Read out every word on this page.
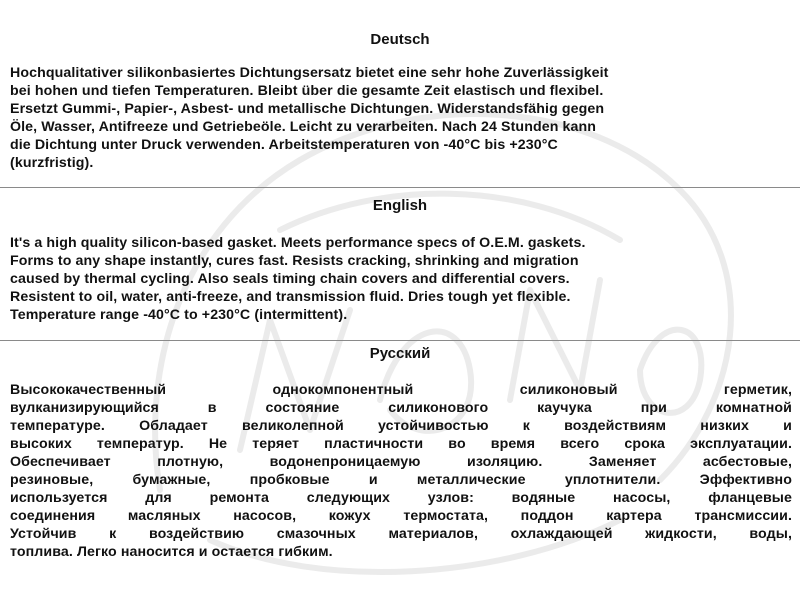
Deutsch
Hochqualitativer silikonbasiertes Dichtungsersatz bietet eine sehr hohe Zuverlässigkeit
bei hohen und tiefen Temperaturen. Bleibt über die gesamte Zeit elastisch und flexibel.
Ersetzt Gummi-, Papier-, Asbest- und metallische Dichtungen. Widerstandsfähig gegen
Öle, Wasser, Antifreeze und Getriebeöle. Leicht zu verarbeiten. Nach 24 Stunden kann
die Dichtung unter Druck verwenden. Arbeitstemperaturen von -40°C bis +230°C
(kurzfristig).
English
It's a high quality silicon-based gasket. Meets performance specs of O.E.M. gaskets.
Forms to any shape instantly, cures fast. Resists cracking, shrinking and migration
caused by thermal cycling. Also seals timing chain covers and differential covers.
Resistent to oil, water, anti-freeze, and transmission fluid. Dries tough yet flexible.
Temperature range -40°C to +230°C (intermittent).
Русский
Высококачественный однокомпонентный силиконовый герметик,
вулканизирующийся в состояние силиконового каучука при комнатной
температуре. Обладает великолепной устойчивостью к воздействиям низких и
высоких температур. Не теряет пластичности во время всего срока эксплуатации.
Обеспечивает плотную, водонепроницаемую изоляцию. Заменяет асбестовые,
резиновые, бумажные, пробковые и металлические уплотнители. Эффективно
используется для ремонта следующих узлов: водяные насосы, фланцевые
соединения масляных насосов, кожух термостата, поддон картера трансмиссии.
Устойчив к воздействию смазочных материалов, охлаждающей жидкости, воды,
топлива. Легко наносится и остается гибким.
